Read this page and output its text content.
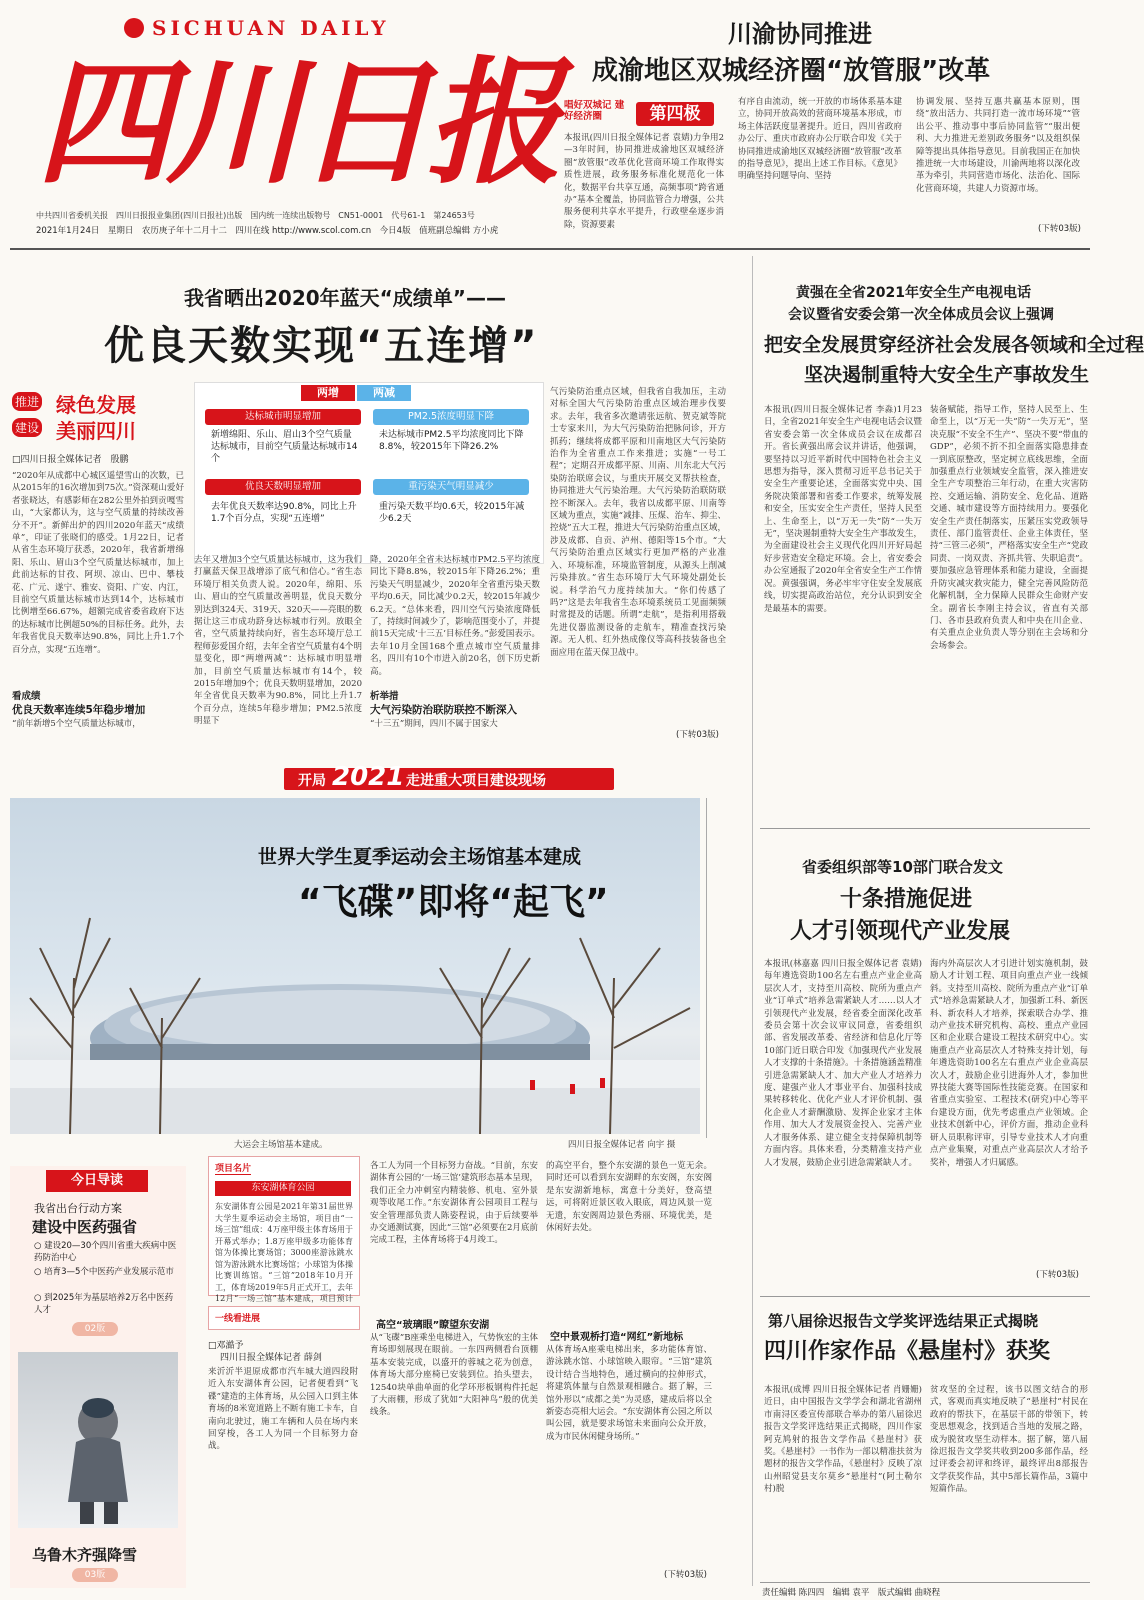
SICHUAN DAILY
四川日报
中共四川省委机关报　四川日报报业集团(四川日报社)出版　国内统一连续出版物号　CN51-0001　代号61-1　第24653号
2021年1月24日　星期日　农历庚子年十二月十二　四川在线 http://www.scol.com.cn　今日4版　值班副总编辑 方小虎
川渝协同推进
成渝地区双城经济圈“放管服”改革
唱好双城记 建好经济圈	第四极
本报讯(四川日报全媒体记者 袁婧)力争用2—3年时间，协同推进成渝地区双城经济圈“放管服”改革优化营商环境工作取得实质性进展，政务服务标准化规范化一体化，数据平台共享互通，高频事项“跨省通办”基本全覆盖，协同监管合力增强，公共服务便利共享水平提升，行政壁垒逐步消除，资源要素
有序自由流动，统一开放的市场体系基本建立，协同开放高效的营商环境基本形成，市场主体活跃度显著提升。近日，四川省政府办公厅、重庆市政府办公厅联合印发《关于协同推进成渝地区双城经济圈“放管服”改革的指导意见》，提出上述工作目标。《意见》明确坚持问题导向、坚持
协调发展、坚持互惠共赢基本原则，围绕“放出活力、共同打造一流市场环境”“管出公平、推动事中事后协同监管”“服出便利、大力推进无差别政务服务”以及组织保障等提出具体指导意见。目前我国正在加快推进统一大市场建设，川渝两地将以深化改革为牵引，共同营造市场化、法治化、国际化营商环境，共建人力资源市场。
(下转03版)
我省晒出2020年蓝天“成绩单”——
优良天数实现“五连增”
推进 绿色发展
建设 美丽四川
□四川日报全媒体记者　殷鹏
“2020年从成都中心城区遥望雪山的次数，已从2015年的16次增加到75次。”资深观山爱好者张晓达，有感影师在282公里外拍到贡嘎雪山，“大家都认为，这与空气质量的持续改善分不开”。新鲜出炉的四川2020年蓝天“成绩单”，印证了张晓们的感受。1月22日，记者从省生态环境厅获悉，2020年，我省新增绵阳、乐山、眉山3个空气质量达标城市，加上此前达标的甘孜、阿坝、凉山、巴中、攀枝花、广元、遂宁、雅安、资阳、广安、内江，目前空气质量达标城市达到14个，达标城市比例增至66.67%，超额完成省委省政府下达的达标城市比例超50%的目标任务。此外，去年我省优良天数率达90.8%，同比上升1.7个百分点，实现“五连增”。
看成绩
优良天数率连续5年稳步增加
“前年新增5个空气质量达标城市，
两增	两减
达标城市明显增加
新增绵阳、乐山、眉山3个空气质量达标城市，目前空气质量达标城市14个
PM2.5浓度明显下降
未达标城市PM2.5平均浓度同比下降8.8%，较2015年下降26.2%
优良天数明显增加
去年优良天数率达90.8%，同比上升1.7个百分点，实现“五连增”
重污染天气明显减少
重污染天数平均0.6天，较2015年减少6.2天
去年又增加3个空气质量达标城市，这为我们打赢蓝天保卫战增添了底气和信心。”省生态环境厅相关负责人说。2020年，绵阳、乐山、眉山的空气质量改善明显，优良天数分别达到324天、319天、320天——亮眼的数据让这三市成功跻身达标城市行列。放眼全省，空气质量持续向好，省生态环境厅总工程师彭爱国介绍，去年全省空气质量有4个明显变化，即“两增两减”：达标城市明显增加，目前空气质量达标城市有14个，较2015年增加9个；优良天数明显增加，2020年全省优良天数率为90.8%，同比上升1.7个百分点，连续5年稳步增加；PM2.5浓度明显下
降，2020年全省未达标城市PM2.5平均浓度同比下降8.8%，较2015年下降26.2%；重污染天气明显减少，2020年全省重污染天数平均0.6天，同比减少0.2天，较2015年减少6.2天。“总体来看，四川空气污染浓度降低了，持续时间减少了，影响范围变小了，并提前15天完成‘十三五’目标任务。”彭爱国表示。去年10月全国168个重点城市空气质量排名，四川有10个市进入前20名，创下历史新高。
析举措
大气污染防治联防联控不断深入
“十三五”期间，四川不属于国家大
气污染防治重点区域，但我省自我加压，主动对标全国大气污染防治重点区域治理步伐要求。去年，我省多次邀请张远航、贺克斌等院士专家来川，为大气污染防治把脉问诊，开方抓药；继续将成都平原和川南地区大气污染防治作为全省重点工作来推进；实施“一号工程”；定期召开成都平原、川南、川东北大气污染防治联席会议，与重庆开展交叉帮扶检查，协同推进大气污染治理。大气污染防治联防联控不断深入。去年，我省以成都平原、川南等区域为重点，实施“减排、压煤、治车、抑尘、控烧”五大工程，推进大气污染防治重点区域，涉及成都、自贡、泸州、德阳等15个市。“大气污染防治重点区域实行更加严格的产业准入、环境标准，环境监管制度，从源头上削减污染排放。”省生态环境厅大气环境处副处长说。科学治气力度持续加大。“你们传感了吗?”这是去年我省生态环境系统员工见面频频时常提及的话题。所谓“走航”，是指利用搭载先进仪器监测设备的走航车，精准查找污染源。无人机、红外热成像仪等高科技装备也全面应用在蓝天保卫战中。
(下转03版)
黄强在全省2021年安全生产电视电话
会议暨省安委会第一次全体成员会议上强调
把安全发展贯穿经济社会发展各领域和全过程
坚决遏制重特大安全生产事故发生
本报讯(四川日报全媒体记者 李淼)1月23日，全省2021年安全生产电视电话会议暨省安委会第一次全体成员会议在成都召开。省长黄强出席会议并讲话，他强调，要坚持以习近平新时代中国特色社会主义思想为指导，深入贯彻习近平总书记关于安全生产重要论述，全面落实党中央、国务院决策部署和省委工作要求，统筹发展和安全，压实安全生产责任，坚持人民至上、生命至上，以“万无一失”防“一失万无”，坚决遏制重特大安全生产事故发生，为全面建设社会主义现代化四川开好局起好步营造安全稳定环境。会上，省安委会办公室通报了2020年全省安全生产工作情况。黄强强调，务必牢牢守住安全发展底线，切实提高政治站位，充分认识到安全是最基本的需要。
装备赋能，指导工作，坚持人民至上、生命至上，以“万无一失”防“一失万无”，坚决克服“不安全不生产”、坚决不要“带血的GDP”，必须不折不扣全面落实隐患排查一到底原整改，坚定树立底线思维，全面加强重点行业领域安全监管，深入推进安全生产专项整治三年行动，在重大灾害防控、交通运输、消防安全、危化品、道路交通、城市建设等方面持续用力。要强化安全生产责任制落实，压紧压实党政领导责任、部门监管责任、企业主体责任，坚持“三管三必须”，严格落实安全生产“党政同责、一岗双责、齐抓共管、失职追责”。要加强应急管理体系和能力建设，全面提升防灾减灾救灾能力，健全完善风险防范化解机制，全力保障人民群众生命财产安全。副省长李刚主持会议，省直有关部门、各市县政府负责人和中央在川企业、有关重点企业负责人等分别在主会场和分会场参会。
开局 2021 走进重大项目建设现场
世界大学生夏季运动会主场馆基本建成
“飞碟”即将“起飞”
大运会主场馆基本建成。	四川日报全媒体记者 向宇 摄
项目名片
东安湖体育公园
东安湖体育公园是2021年第31届世界大学生夏季运动会主场馆，项目由“一场三馆”组成：4万座甲级主体育场用于开幕式举办；1.8万座甲级多功能体育馆为体操比赛场馆；3000座游泳跳水馆为游泳跳水比赛场馆；小球馆为体操比赛训练馆。“三馆”2018年10月开工，体育场2019年5月正式开工，去年12月“一场三馆”基本建成，项目预计
一线看进展
□邓澔予
四川日报全媒体记者 薛剑
来沂沂半退原成都市汽车城大道四段附近入东安湖体育公园，记者便看到“飞碟”建造的主体育场，从公园入口到主体育场的8米宽道路上不断有施工卡车，自南向北驶过，施工车辆和人员在场内来回穿梭，各工人为同一个目标努力奋战。
各工人为同一个目标努力奋战。“目前，东安湖体育公园的‘一场三馆’建筑形态基本呈现，我们正全力冲刺室内精装修、机电、室外景观等收尾工作。”东安湖体育公园项目工程与安全管理部负责人陈姿程说，由于后续要举办交通测试赛，因此“三馆”必须要在2月底前完成工程，主体育场将于4月竣工。
高空“玻璃眼”瞭望东安湖
从“飞碟”B座乘坐电梯进入，气势恢宏的主体育场即刻展现在眼前。一东四两侧看台顶棚基本安装完成，以盛开的蓉城之花为创意，体育场大部分座椅已安装到位。抬头望去，12540块单曲单面的化学环形板钢构件托起了大雨棚，形成了犹如“大阳神鸟”般的优美线条。
的高空平台，整个东安湖的景色一览无余。同时还可以看到东安湖畔的东安阁，东安阁是东安湖新地标，寓意十分美好，登高望远，可将附近景区收入眼底，周边风景一览无遗，东安阁周边景色秀丽、环境优美，是休闲好去处。
空中景观桥打造“网红”新地标
从体育场A座乘电梯出来，多功能体育馆、游泳跳水馆、小球馆映入眼帘。“三馆”建筑设计结合当地特色，通过横向的拉伸形式，将建筑体量与自然景观相融合。据了解，三馆外形以“成都之美”为灵感，建成后将以全新姿态亮相大运会。“东安湖体育公园之所以叫公园，就是要求场馆未来面向公众开放，成为市民休闲健身场所。”
(下转03版)
今日导读
我省出台行动方案
建设中医药强省
○ 建设20—30个四川省重大疾病中医药防治中心
○ 培育3—5个中医药产业发展示范市
○ 到2025年为基层培养2万名中医药人才
02版
乌鲁木齐强降雪
03版
省委组织部等10部门联合发文
十条措施促进
人才引领现代产业发展
本报讯(林嘉嘉 四川日报全媒体记者 袁婧)每年遴选资助100名左右重点产业企业高层次人才，支持至川高校、院所为重点产业“订单式”培养急需紧缺人才……以人才引领现代产业发展，经省委全面深化改革委员会第十次会议审议同意，省委组织部、省发展改革委、省经济和信息化厅等10部门近日联合印发《加强现代产业发展人才支撑的十条措施》。十条措施涵盖精准引进急需紧缺人才、加大产业人才培养力度、建强产业人才事业平台、加强科技成果转移转化、优化产业人才评价机制、强化企业人才薪酬激励、发挥企业家才主体作用、加大人才发展资金投入、完善产业人才服务体系、建立健全支持保障机制等方面内容。具体来看，分类精准支持产业人才发展，鼓励企业引进急需紧缺人才。
海内外高层次人才引进计划实施机制，鼓励人才计划工程、项目向重点产业一线倾斜。支持至川高校、院所为重点产业“订单式”培养急需紧缺人才，加强新工科、新医科、新农科人才培养，探索联合办学、推动产业技术研究机构、高校、重点产业园区和企业联合建设工程技术研究中心。实施重点产业高层次人才特殊支持计划，每年遴选资助100名左右重点产业企业高层次人才，鼓励企业引进海外人才，参加世界技能大赛等国际性技能竞赛。在国家和省重点实验室、工程技术(研究)中心等平台建设方面，优先考虑重点产业领域。企业技术创新中心，评价方面，推动企业科研人员职称评审，引导专业技术人才向重点产业集聚，对重点产业高层次人才给予奖补，增强人才归属感。
(下转03版)
第八届徐迟报告文学奖评选结果正式揭晓
四川作家作品《悬崖村》获奖
本报讯(成博 四川日报全媒体记者 肖姗姗)近日，由中国报告文学学会和湖北省湖州市南浔区委宣传部联合举办的第八届徐迟报告文学奖评选结果正式揭晓，四川作家阿克鸠射的报告文学作品《悬崖村》获奖。《悬崖村》一书作为一部以精准扶贫为题材的报告文学作品，《悬崖村》反映了凉山州昭觉县支尔莫乡“悬崖村”(阿土勒尔村)脱
贫攻坚的全过程，该书以图文结合的形式，客观而真实地反映了“悬崖村”村民在政府的帮扶下，在基层干部的带领下，转变思想观念，找到适合当地的发展之路，成为脱贫攻坚生动样本。据了解，第八届徐迟报告文学奖共收到200多部作品，经过评委会初评和终评，最终评出8部报告文学获奖作品，其中5部长篇作品，3篇中短篇作品。
责任编辑 陈四四　编辑 袁平　版式编辑 曲晓程
